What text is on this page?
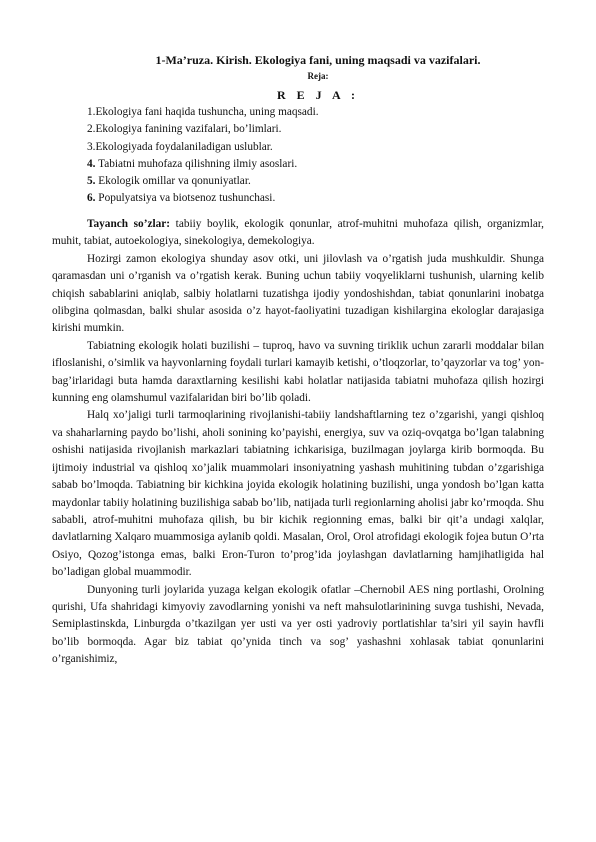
1-Ma’ruza. Kirish. Ekologiya fani, uning maqsadi va vazifalari.
Reja:
R E J A :
1.Ekologiya fani haqida tushuncha, uning maqsadi.
2.Ekologiya fanining vazifalari, bo’limlari.
3.Ekologiyada foydalaniladigan uslublar.
4. Tabiatni muhofaza qilishning ilmiy asoslari.
5. Ekologik omillar va qonuniyatlar.
6. Populyatsiya va biotsenoz tushunchasi.

Tayanch so’zlar: tabiiy boylik, ekologik qonunlar, atrof-muhitni muhofaza qilish, organizmlar, muhit, tabiat, autoekologiya, sinekologiya, demekologiya.

Hozirgi zamon ekologiya shunday asov otki, uni jilovlash va o’rgatish juda mushkuldir. Shunga qaramasdan uni o’rganish va o’rgatish kerak. Buning uchun tabiiy voqyeliklarni tushunish, ularning kelib chiqish sabablarini aniqlab, salbiy holatlarni tuzatishga ijodiy yondoshishdan, tabiat qonunlarini inobatga olibgina qolmasdan, balki shular asosida o’z hayot-faoliyatini tuzadigan kishilargina ekologlar darajasiga kirishi mumkin.

Tabiatning ekologik holati buzilishi – tuproq, havo va suvning tiriklik uchun zararli moddalar bilan ifloslanishi, o’simlik va hayvonlarning foydali turlari kamayib ketishi, o’tloqzorlar, to’qayzorlar va tog’ yon-bag’irlaridagi buta hamda daraxtlarning kesilishi kabi holatlar natijasida tabiatni muhofaza qilish hozirgi kunning eng olamshumul vazifalaridan biri bo’lib qoladi.

Halq xo’jaligi turli tarmoqlarining rivojlanishi-tabiiy landshaftlarning tez o’zgarishi, yangi qishloq va shaharlarning paydo bo’lishi, aholi sonining ko’payishi, energiya, suv va oziq-ovqatga bo’lgan talabning oshishi natijasida rivojlanish markazlari tabiatning ichkarisiga, buzilmagan joylarga kirib bormoqda. Bu ijtimoiy industrial va qishloq xo’jalik muammolari insoniyatning yashash muhitining tubdan o’zgarishiga sabab bo’lmoqda. Tabiatning bir kichkina joyida ekologik holatining buzilishi, unga yondosh bo’lgan katta maydonlar tabiiy holatining buzilishiga sabab bo’lib, natijada turli regionlarning aholisi jabr ko’rmoqda. Shu sababli, atrof-muhitni muhofaza qilish, bu bir kichik regionning emas, balki bir qit’a undagi xalqlar, davlatlarning Xalqaro muammosiga aylanib qoldi. Masalan, Orol, Orol atrofidagi ekologik fojea butun O’rta Osiyo, Qozog’istonga emas, balki Eron-Turon to’prog’ida joylashgan davlatlarning hamjihatligida hal bo’ladigan global muammodir.

Dunyoning turli joylarida yuzaga kelgan ekologik ofatlar –Chernobil AES ning portlashi, Orolning qurishi, Ufa shahridagi kimyoviy zavodlarning yonishi va neft mahsulotlarinining suvga tushishi, Nevada, Semiplastinskda, Linburgda o’tkazilgan yer usti va yer osti yadroviy portlatishlar ta’siri yil sayin havfli bo’lib bormoqda. Agar biz tabiat qo’ynida tinch va sog’ yashashni xohlasak tabiat qonunlarini o’rganishimiz,
